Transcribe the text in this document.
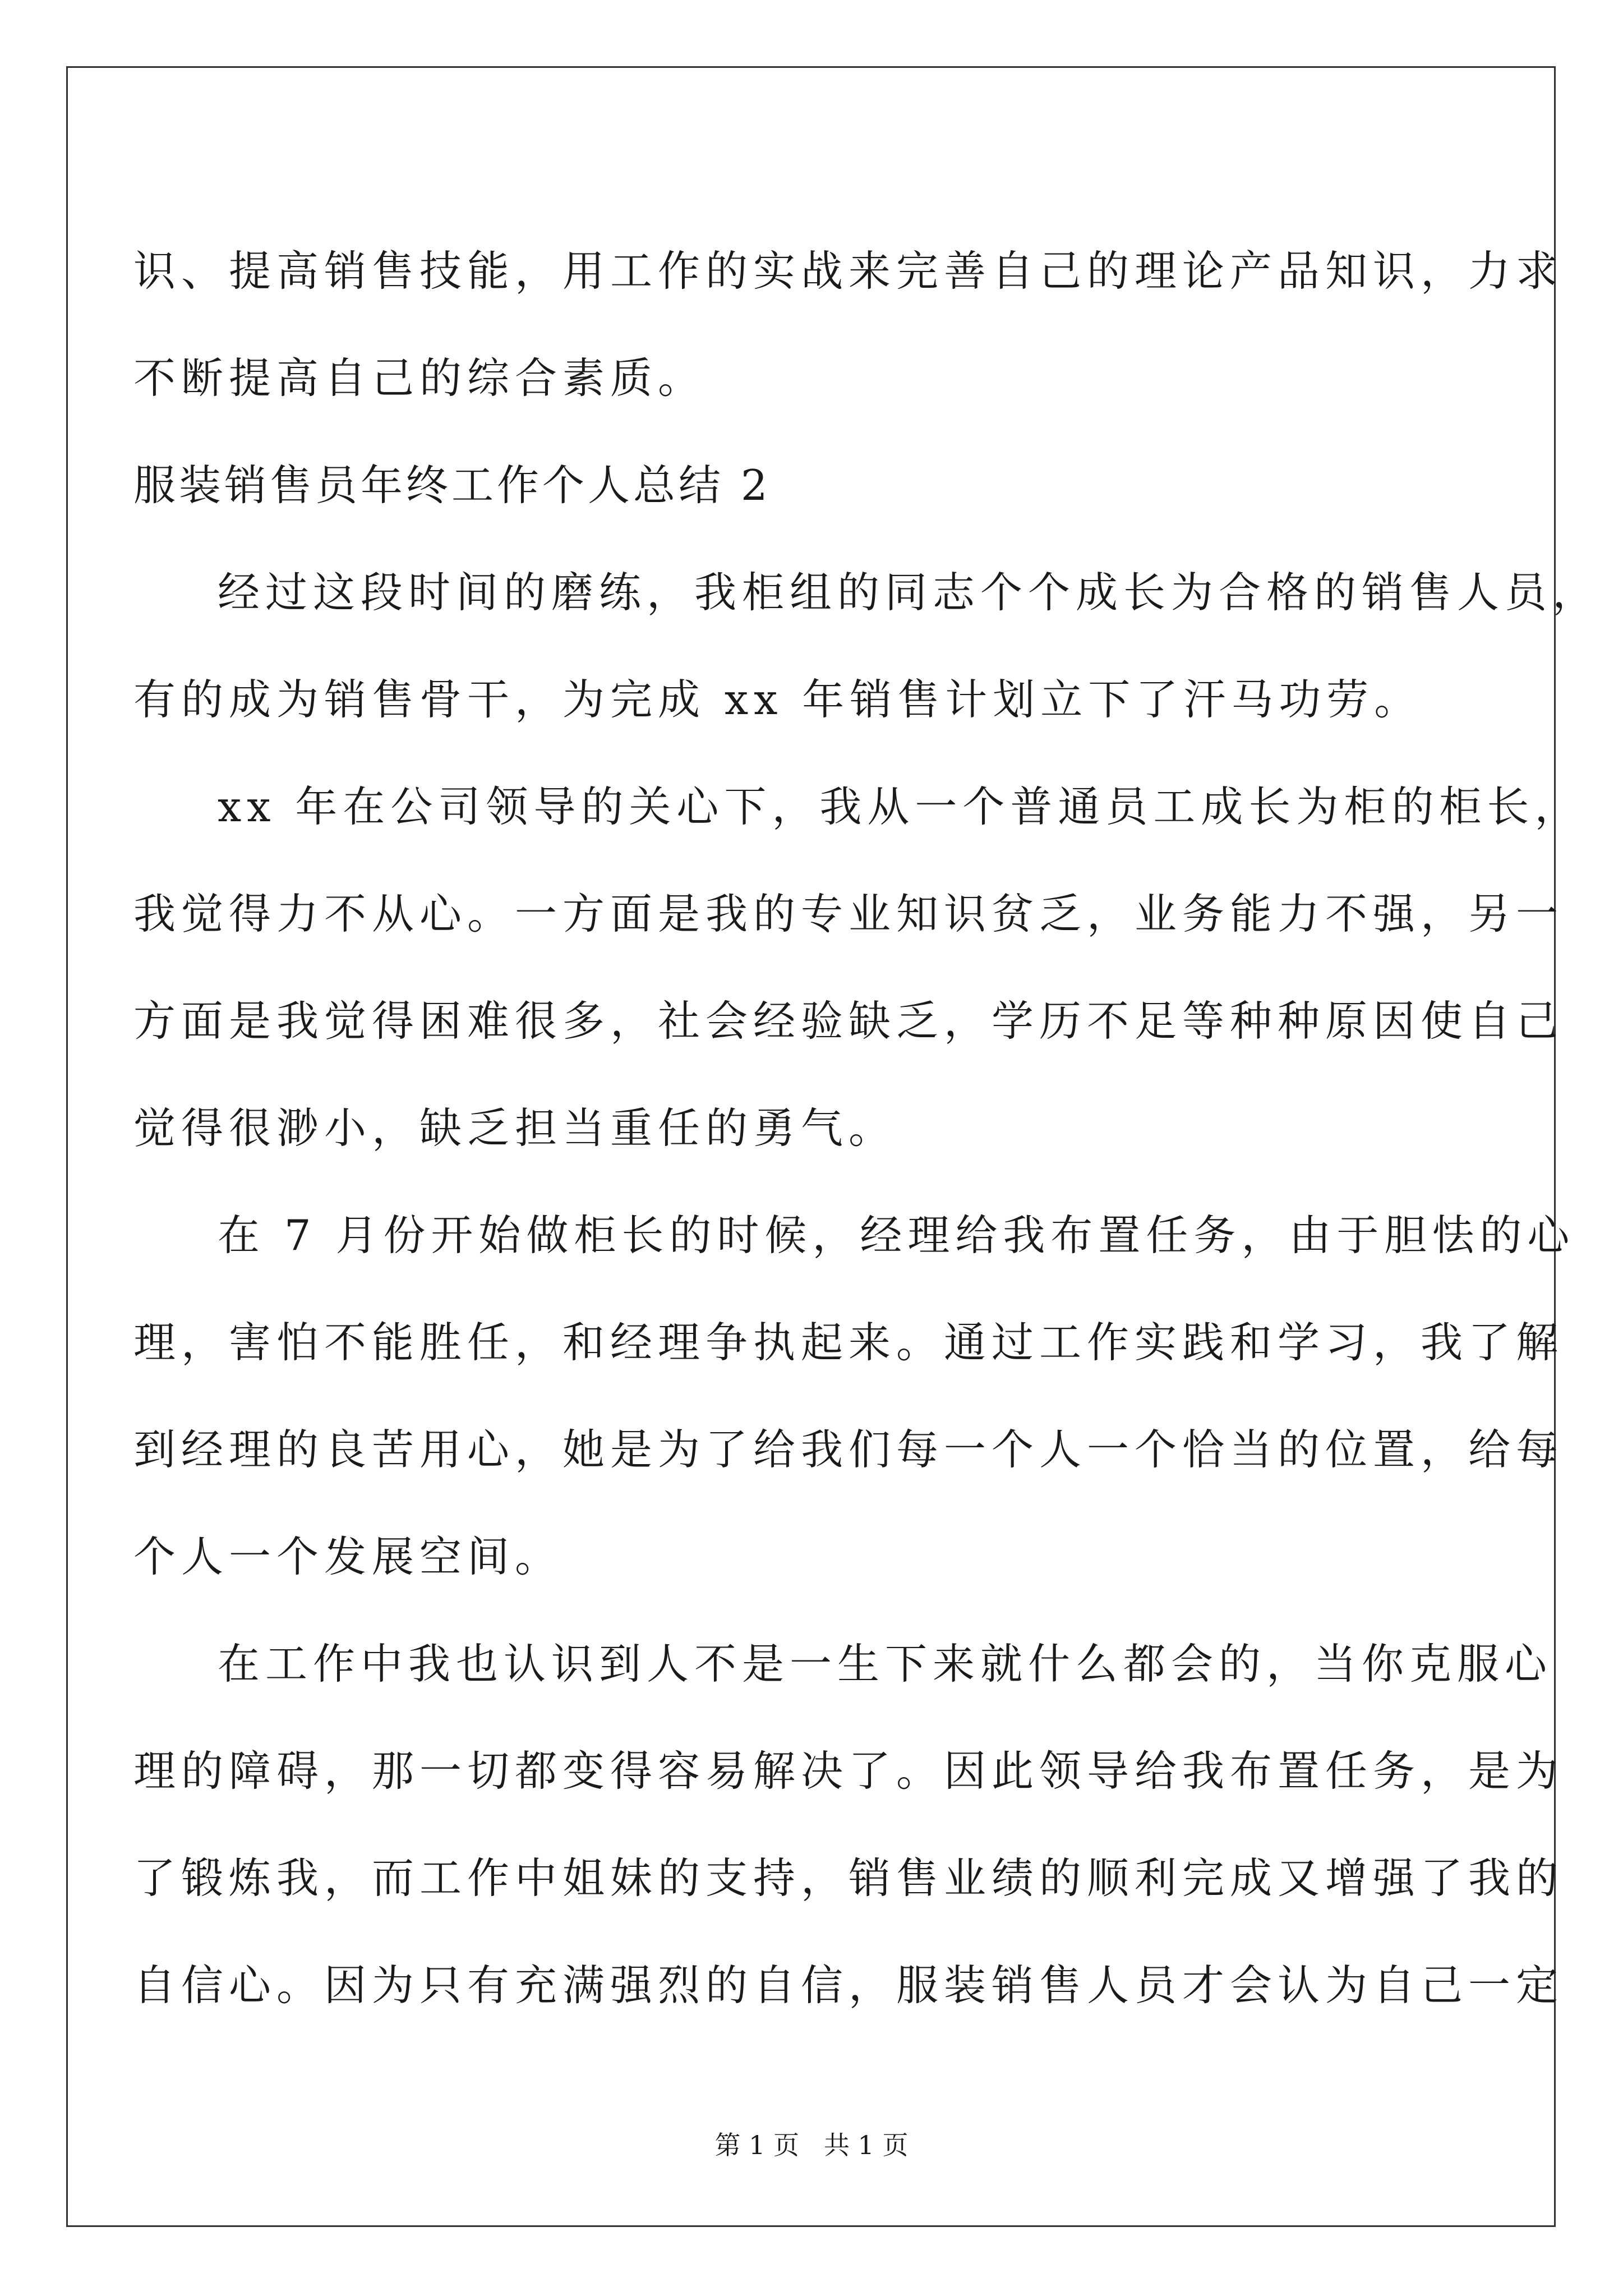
识、提高销售技能，用工作的实战来完善自己的理论产品知识，力求
不断提高自己的综合素质。
服装销售员年终工作个人总结 2
经过这段时间的磨练，我柜组的同志个个成长为合格的销售人员，
有的成为销售骨干，为完成 xx 年销售计划立下了汗马功劳。
xx 年在公司领导的关心下，我从一个普通员工成长为柜的柜长，
我觉得力不从心。一方面是我的专业知识贫乏，业务能力不强，另一
方面是我觉得困难很多，社会经验缺乏，学历不足等种种原因使自己
觉得很渺小，缺乏担当重任的勇气。
在 7 月份开始做柜长的时候，经理给我布置任务，由于胆怯的心
理，害怕不能胜任，和经理争执起来。通过工作实践和学习，我了解
到经理的良苦用心，她是为了给我们每一个人一个恰当的位置，给每
个人一个发展空间。
在工作中我也认识到人不是一生下来就什么都会的，当你克服心
理的障碍，那一切都变得容易解决了。因此领导给我布置任务，是为
了锻炼我，而工作中姐妹的支持，销售业绩的顺利完成又增强了我的
自信心。因为只有充满强烈的自信，服装销售人员才会认为自己一定
第 1 页 共 1 页
